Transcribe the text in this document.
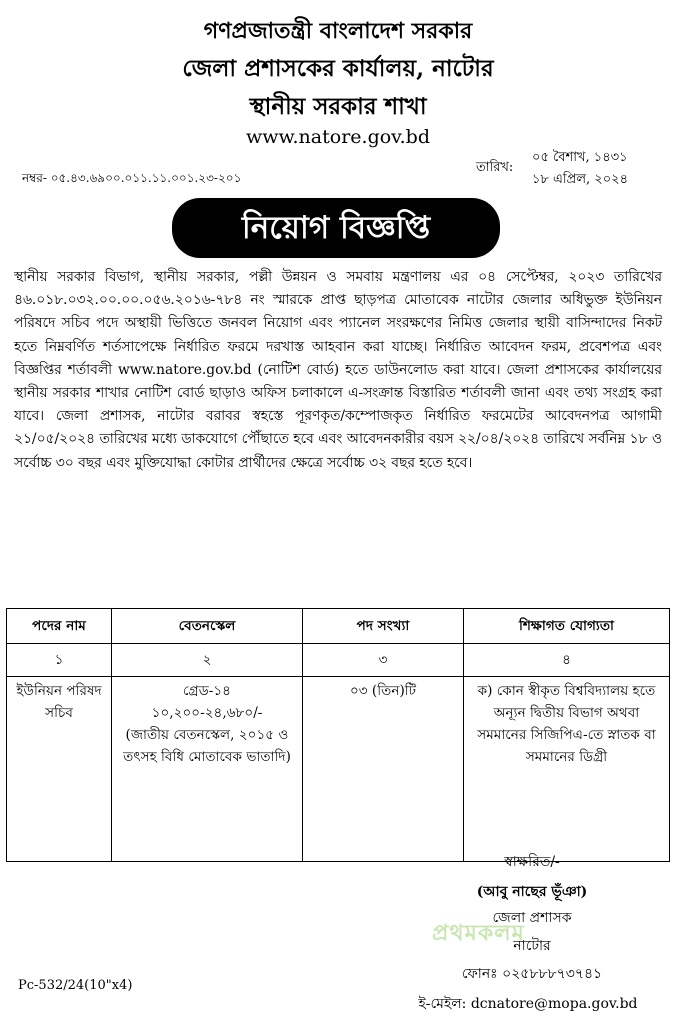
গণপ্রজাতন্ত্রী বাংলাদেশ সরকার
জেলা প্রশাসকের কার্যালয়, নাটোর
স্থানীয় সরকার শাখা
www.natore.gov.bd
নম্বর- ০৫.৪৩.৬৯০০.০১১.১১.০০১.২৩-২০১
তারিখ:
০৫ বৈশাখ, ১৪৩১
১৮ এপ্রিল, ২০২৪
নিয়োগ বিজ্ঞপ্তি

স্থানীয় সরকার বিভাগ, স্থানীয় সরকার, পল্লী উন্নয়ন ও সমবায় মন্ত্রণালয় এর ০৪ সেপ্টেম্বর, ২০২৩ তারিখের ৪৬.০১৮.০৩২.০০.০০.০৫৬.২০১৬-৭৮৪ নং স্মারকে প্রাপ্ত ছাড়পত্র মোতাবেক নাটোর জেলার অধিভুক্ত ইউনিয়ন পরিষদে সচিব পদে অস্থায়ী ভিত্তিতে জনবল নিয়োগ এবং প্যানেল সংরক্ষণের নিমিত্ত জেলার স্থায়ী বাসিন্দাদের নিকট হতে নিম্নবর্ণিত শর্তসাপেক্ষে নির্ধারিত ফরমে দরখাস্ত আহবান করা যাচ্ছে। নির্ধারিত আবেদন ফরম, প্রবেশপত্র এবং বিজ্ঞপ্তির শর্তাবলী www.natore.gov.bd (নোটিশ বোর্ড) হতে ডাউনলোড করা যাবে। জেলা প্রশাসকের কার্যালয়ের স্থানীয় সরকার শাখার নোটিশ বোর্ড ছাড়াও অফিস চলাকালে এ-সংক্রান্ত বিস্তারিত শর্তাবলী জানা এবং তথ্য সংগ্রহ করা যাবে। জেলা প্রশাসক, নাটোর বরাবর স্বহস্তে পূরণকৃত/কম্পোজকৃত নির্ধারিত ফরমেটের আবেদনপত্র আগামী ২১/০৫/২০২৪ তারিখের মধ্যে ডাকযোগে পৌঁছাতে হবে এবং আবেদনকারীর বয়স ২২/০৪/২০২৪ তারিখে সর্বনিম্ন ১৮ ও সর্বোচ্চ ৩০ বছর এবং মুক্তিযোদ্ধা কোটার প্রার্থীদের ক্ষেত্রে সর্বোচ্চ ৩২ বছর হতে হবে।

পদের নাম	বেতনস্কেল	পদ সংখ্যা	শিক্ষাগত যোগ্যতা
১	২	৩	৪
ইউনিয়ন পরিষদ সচিব	গ্রেড-১৪
১০,২০০-২৪,৬৮০/-
(জাতীয় বেতনস্কেল, ২০১৫ ও তৎসহ বিধি মোতাবেক ভাতাদি)	০৩ (তিন)টি	ক) কোন স্বীকৃত বিশ্ববিদ্যালয় হতে অন্যূন দ্বিতীয় বিভাগ অথবা সমমানের সিজিপিএ-তে স্নাতক বা সমমানের ডিগ্রী
স্বাক্ষরিত/-
(আবু নাছের ভূঁঞা)
জেলা প্রশাসক
প্রথমকলম
নাটোর
ফোনঃ ০২৫৮৮৮৭৩৭৪১
ই-মেইল: dcnatore@mopa.gov.bd
Pc-532/24(10"x4)
